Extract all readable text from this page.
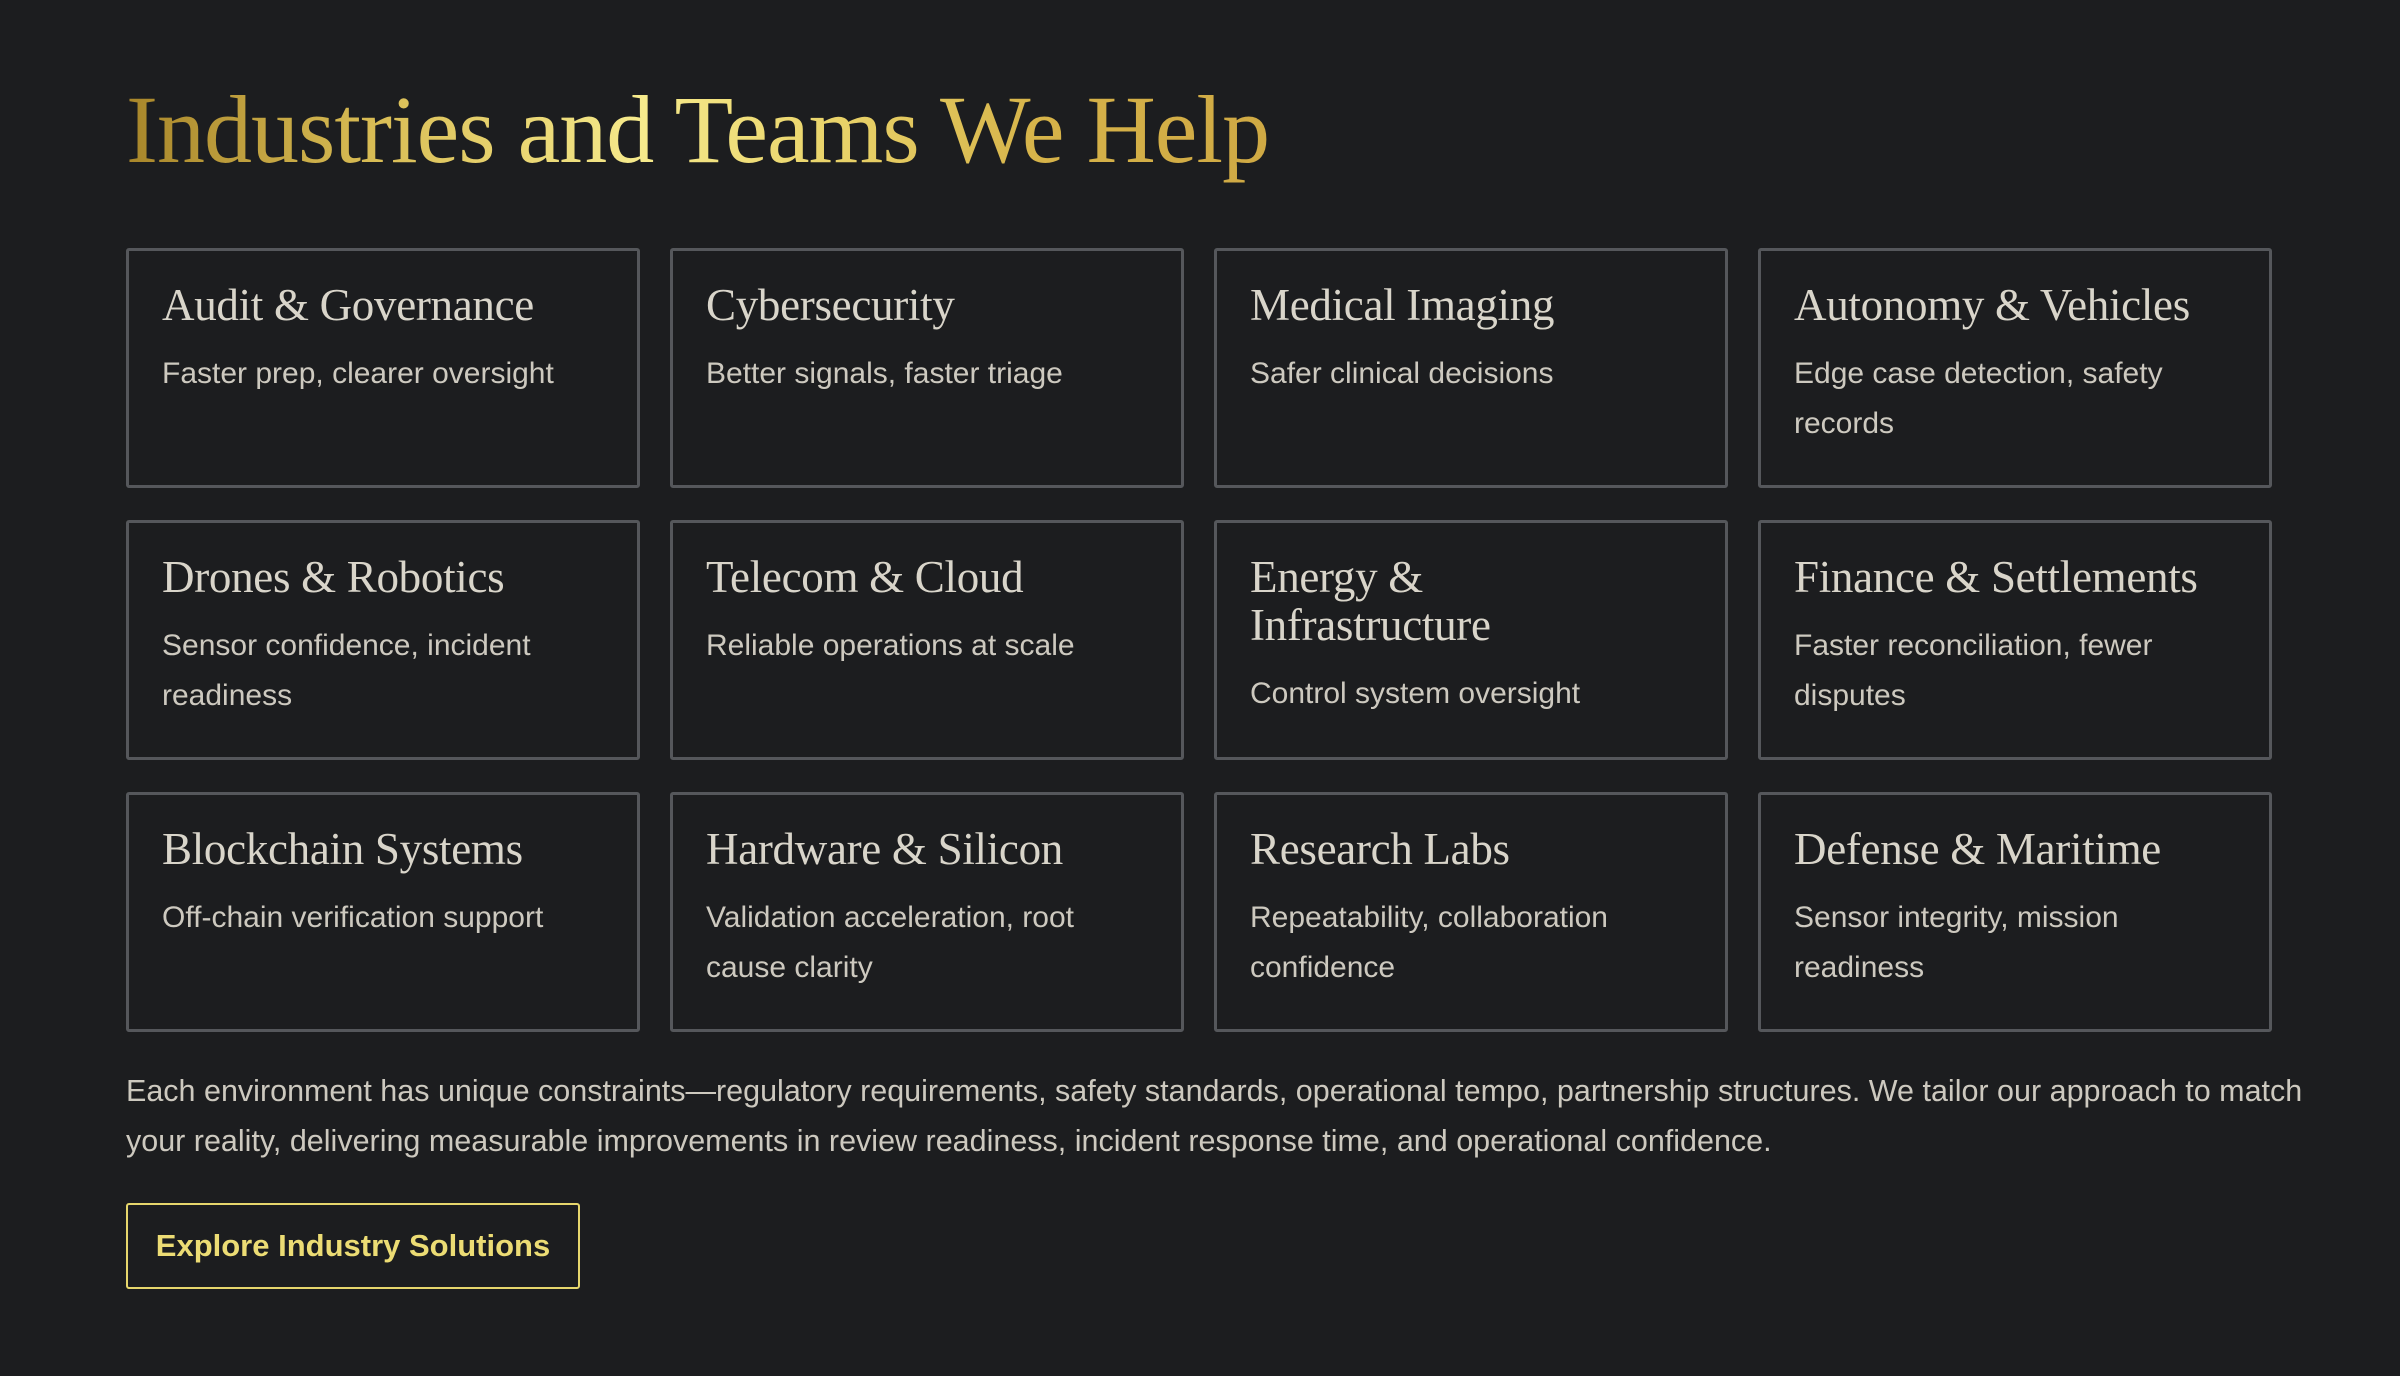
Industries and Teams We Help
Audit & Governance
Faster prep, clearer oversight
Cybersecurity
Better signals, faster triage
Medical Imaging
Safer clinical decisions
Autonomy & Vehicles
Edge case detection, safety records
Drones & Robotics
Sensor confidence, incident readiness
Telecom & Cloud
Reliable operations at scale
Energy & Infrastructure
Control system oversight
Finance & Settlements
Faster reconciliation, fewer disputes
Blockchain Systems
Off-chain verification support
Hardware & Silicon
Validation acceleration, root cause clarity
Research Labs
Repeatability, collaboration confidence
Defense & Maritime
Sensor integrity, mission readiness

Each environment has unique constraints—regulatory requirements, safety standards, operational tempo, partnership structures. We tailor our approach to match your reality, delivering measurable improvements in review readiness, incident response time, and operational confidence.

Explore Industry Solutions
